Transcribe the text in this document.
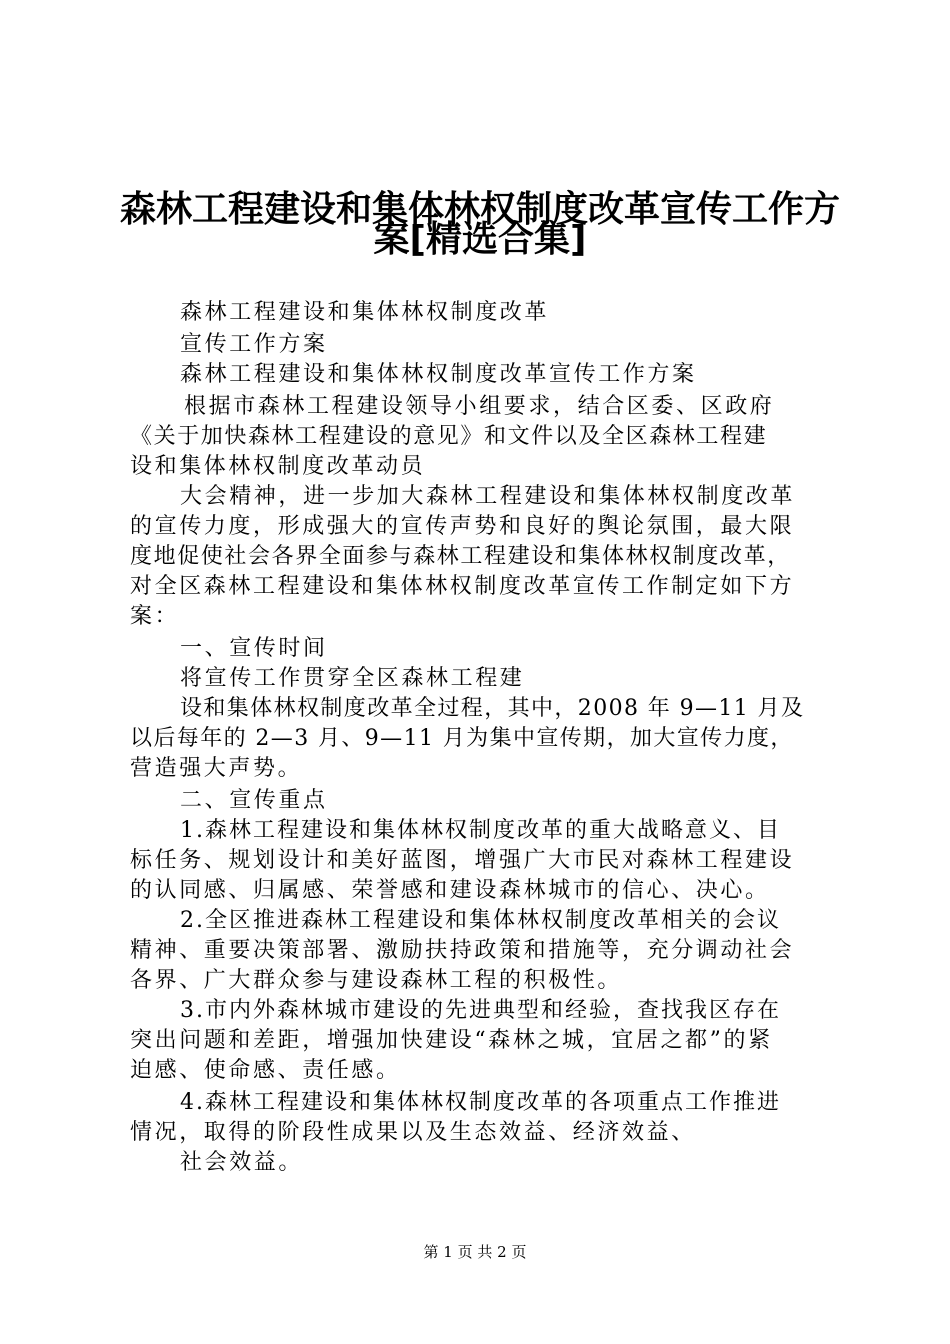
森林工程建设和集体林权制度改革宣传工作方
案[精选合集]
森林工程建设和集体林权制度改革
宣传工作方案
森林工程建设和集体林权制度改革宣传工作方案
根据市森林工程建设领导小组要求，结合区委、区政府
《关于加快森林工程建设的意见》和文件以及全区森林工程建
设和集体林权制度改革动员
大会精神，进一步加大森林工程建设和集体林权制度改革
的宣传力度，形成强大的宣传声势和良好的舆论氛围，最大限
度地促使社会各界全面参与森林工程建设和集体林权制度改革，
对全区森林工程建设和集体林权制度改革宣传工作制定如下方
案：
一、宣传时间
将宣传工作贯穿全区森林工程建
设和集体林权制度改革全过程，其中，2008 年 9—11 月及
以后每年的 2—3 月、9—11 月为集中宣传期，加大宣传力度，
营造强大声势。
二、宣传重点
1.森林工程建设和集体林权制度改革的重大战略意义、目
标任务、规划设计和美好蓝图，增强广大市民对森林工程建设
的认同感、归属感、荣誉感和建设森林城市的信心、决心。
2.全区推进森林工程建设和集体林权制度改革相关的会议
精神、重要决策部署、激励扶持政策和措施等，充分调动社会
各界、广大群众参与建设森林工程的积极性。
3.市内外森林城市建设的先进典型和经验，查找我区存在
突出问题和差距，增强加快建设“森林之城，宜居之都”的紧
迫感、使命感、责任感。
4.森林工程建设和集体林权制度改革的各项重点工作推进
情况，取得的阶段性成果以及生态效益、经济效益、
社会效益。
第 1 页 共 2 页
